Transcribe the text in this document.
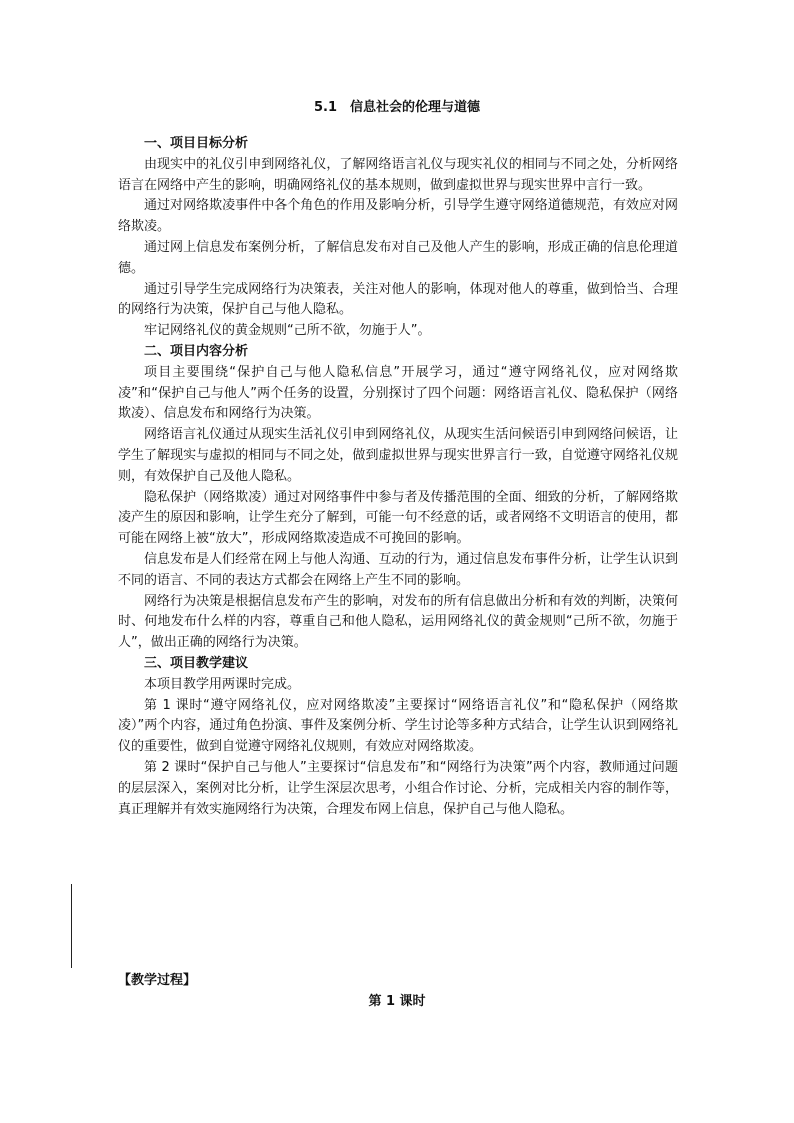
5.1　信息社会的伦理与道德

一、项目目标分析

由现实中的礼仪引申到网络礼仪，了解网络语言礼仪与现实礼仪的相同与不同之处，分析网络语言在网络中产生的影响，明确网络礼仪的基本规则，做到虚拟世界与现实世界中言行一致。

通过对网络欺凌事件中各个角色的作用及影响分析，引导学生遵守网络道德规范，有效应对网络欺凌。

通过网上信息发布案例分析，了解信息发布对自己及他人产生的影响，形成正确的信息伦理道德。

通过引导学生完成网络行为决策表，关注对他人的影响，体现对他人的尊重，做到恰当、合理的网络行为决策，保护自己与他人隐私。

牢记网络礼仪的黄金规则“己所不欲，勿施于人”。

二、项目内容分析

项目主要围绕“保护自己与他人隐私信息”开展学习，通过“遵守网络礼仪，应对网络欺凌”和“保护自己与他人”两个任务的设置，分别探讨了四个问题：网络语言礼仪、隐私保护（网络欺凌）、信息发布和网络行为决策。

网络语言礼仪通过从现实生活礼仪引申到网络礼仪，从现实生活问候语引申到网络问候语，让学生了解现实与虚拟的相同与不同之处，做到虚拟世界与现实世界言行一致，自觉遵守网络礼仪规则，有效保护自己及他人隐私。

隐私保护（网络欺凌）通过对网络事件中参与者及传播范围的全面、细致的分析，了解网络欺凌产生的原因和影响，让学生充分了解到，可能一句不经意的话，或者网络不文明语言的使用，都可能在网络上被“放大”，形成网络欺凌造成不可挽回的影响。

信息发布是人们经常在网上与他人沟通、互动的行为，通过信息发布事件分析，让学生认识到不同的语言、不同的表达方式都会在网络上产生不同的影响。

网络行为决策是根据信息发布产生的影响，对发布的所有信息做出分析和有效的判断，决策何时、何地发布什么样的内容，尊重自己和他人隐私，运用网络礼仪的黄金规则“己所不欲，勿施于人”，做出正确的网络行为决策。

三、项目教学建议

本项目教学用两课时完成。

第 1 课时“遵守网络礼仪，应对网络欺凌”主要探讨“网络语言礼仪”和“隐私保护（网络欺凌）”两个内容，通过角色扮演、事件及案例分析、学生讨论等多种方式结合，让学生认识到网络礼仪的重要性，做到自觉遵守网络礼仪规则，有效应对网络欺凌。

第 2 课时“保护自己与他人”主要探讨“信息发布”和“网络行为决策”两个内容，教师通过问题的层层深入，案例对比分析，让学生深层次思考，小组合作讨论、分析，完成相关内容的制作等，真正理解并有效实施网络行为决策，合理发布网上信息，保护自己与他人隐私。

【教学过程】
第 1 课时
